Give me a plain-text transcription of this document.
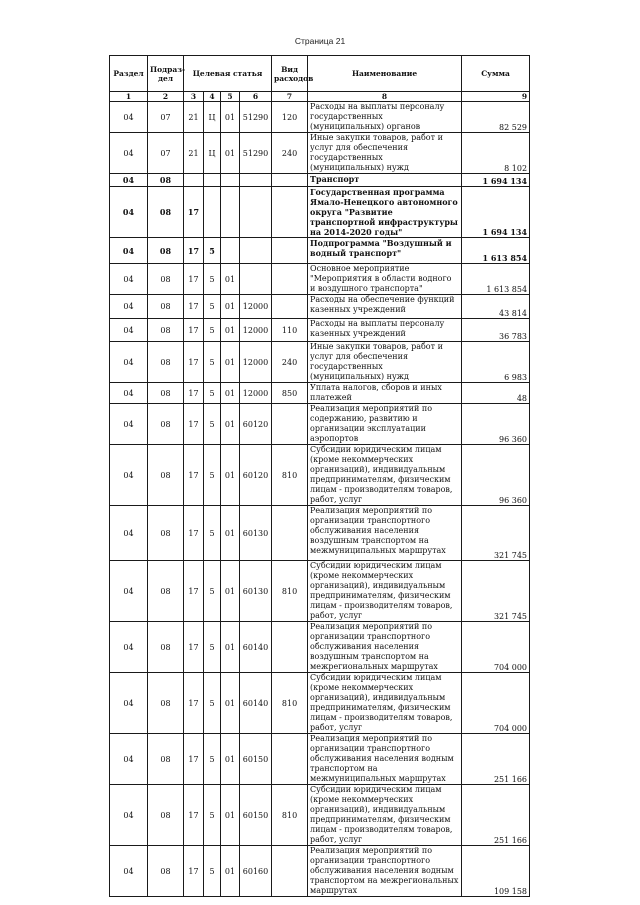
Страница 21
Раздел	Подраз-дел	Целевая статья				Вид расходов	Наименование	Сумма
1	2	3	4	5	6	7	8	9
04	07	21	Ц	01	51290	120	Расходы на выплаты персоналу государственных (муниципальных) органов	82 529
04	07	21	Ц	01	51290	240	Иные закупки товаров, работ и услуг для обеспечения государственных (муниципальных) нужд	8 102
04	08						Транспорт	1 694 134
04	08	17					Государственная программа Ямало-Ненецкого автономного округа "Развитие транспортной инфраструктуры на 2014-2020 годы"	1 694 134
04	08	17	5				Подпрограмма "Воздушный и водный транспорт"	1 613 854
04	08	17	5	01			Основное мероприятие "Мероприятия в области водного и воздушного транспорта"	1 613 854
04	08	17	5	01	12000		Расходы на обеспечение функций казенных учреждений	43 814
04	08	17	5	01	12000	110	Расходы на выплаты персоналу казенных учреждений	36 783
04	08	17	5	01	12000	240	Иные закупки товаров, работ и услуг для обеспечения государственных (муниципальных) нужд	6 983
04	08	17	5	01	12000	850	Уплата налогов, сборов и иных платежей	48
04	08	17	5	01	60120		Реализация мероприятий по содержанию, развитию и организации эксплуатации аэропортов	96 360
04	08	17	5	01	60120	810	Субсидии юридическим лицам (кроме некоммерческих организаций), индивидуальным предпринимателям, физическим лицам - производителям товаров, работ, услуг	96 360
04	08	17	5	01	60130		Реализация мероприятий по организации транспортного обслуживания населения воздушным транспортом на межмуниципальных маршрутах	321 745
04	08	17	5	01	60130	810	Субсидии юридическим лицам (кроме некоммерческих организаций), индивидуальным предпринимателям, физическим лицам - производителям товаров, работ, услуг	321 745
04	08	17	5	01	60140		Реализация мероприятий по организации транспортного обслуживания населения воздушным транспортом на межрегиональных маршрутах	704 000
04	08	17	5	01	60140	810	Субсидии юридическим лицам (кроме некоммерческих организаций), индивидуальным предпринимателям, физическим лицам - производителям товаров, работ, услуг	704 000
04	08	17	5	01	60150		Реализация мероприятий по организации транспортного обслуживания населения водным транспортом на межмуниципальных маршрутах	251 166
04	08	17	5	01	60150	810	Субсидии юридическим лицам (кроме некоммерческих организаций), индивидуальным предпринимателям, физическим лицам - производителям товаров, работ, услуг	251 166
04	08	17	5	01	60160		Реализация мероприятий по организации транспортного обслуживания населения водным транспортом на межрегиональных маршрутах	109 158
